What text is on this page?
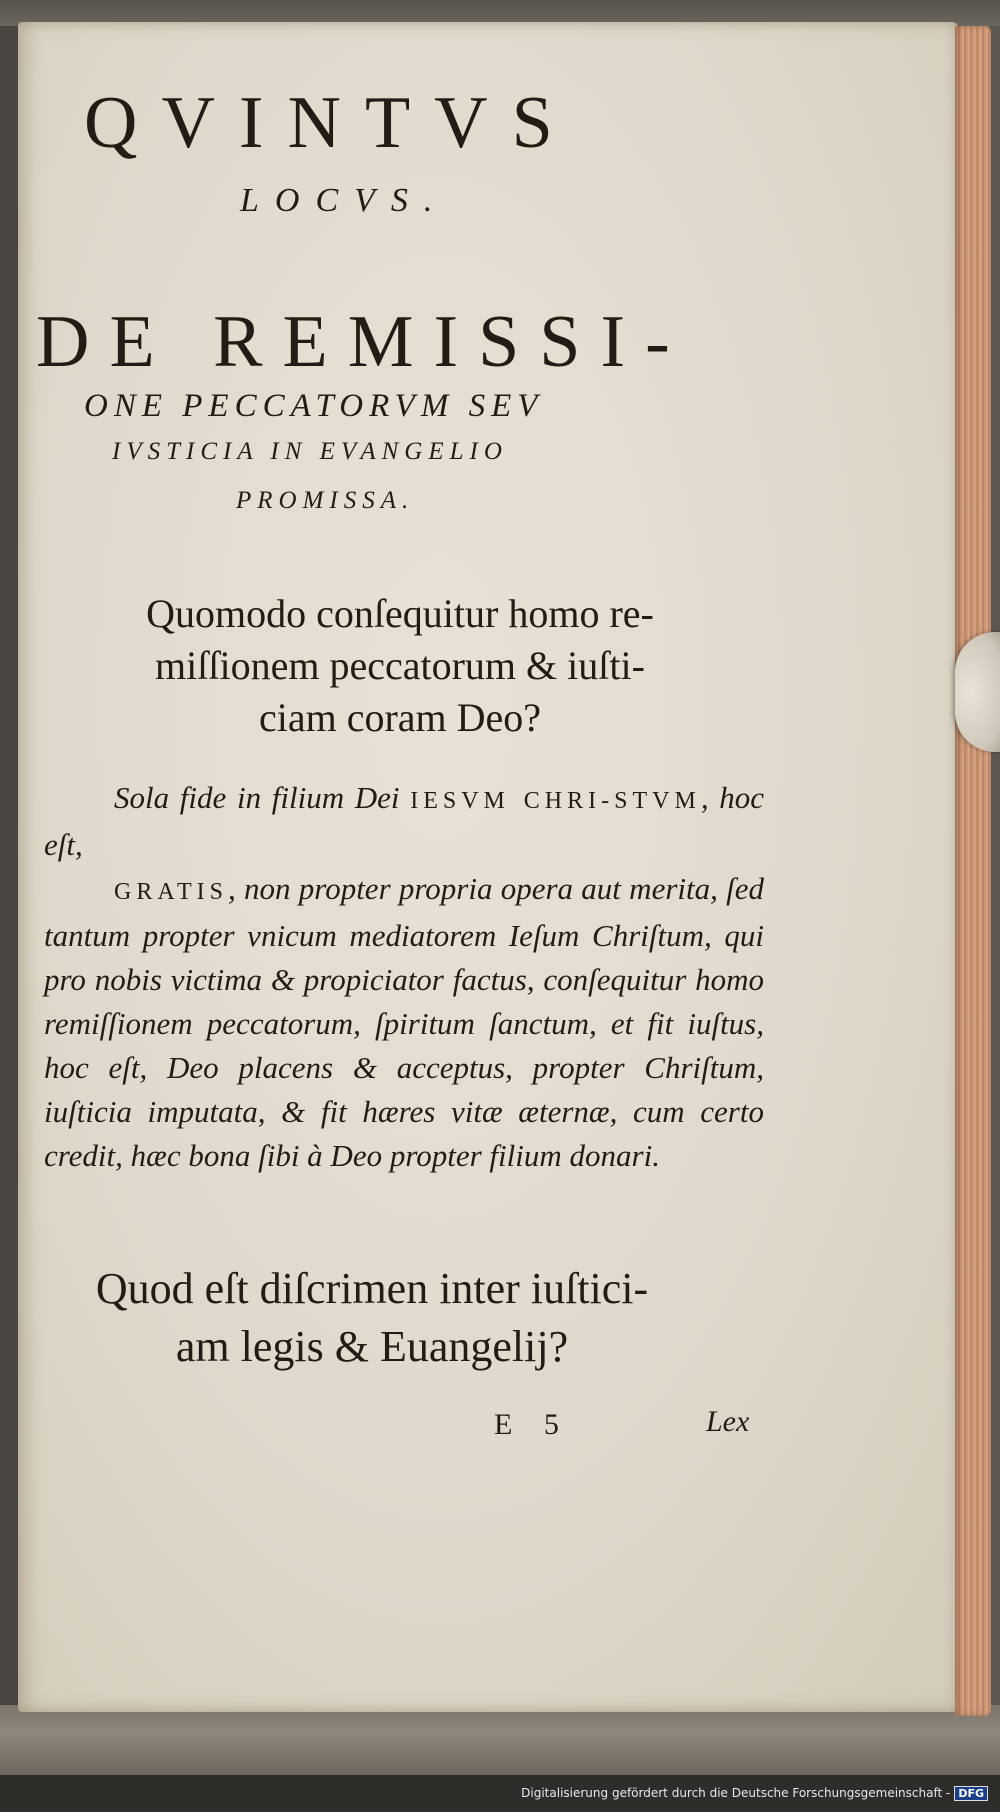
QVINTVS
LOCVS.
DE REMISSI-
ONE PECCATORVM SEV
IVSTICIA IN EVANGELIO
PROMISSA.
Quomodo conſequitur homo re-
miſſionem peccatorum & iuſti-
ciam coram Deo?

Sola fide in filium Dei IESVM CHRI-STVM, hoc eſt,

GRATIS, non propter propria opera aut merita, ſed tantum propter vnicum mediatorem Ieſum Chriſtum, qui pro nobis victima & propiciator factus, conſequitur homo remiſſionem peccatorum, ſpiritum ſanctum, et fit iuſtus, hoc eſt, Deo placens & acceptus, propter Chriſtum, iuſticia imputata, & fit hæres vitæ æternæ, cum certo credit, hæc bona ſibi à Deo propter filium donari.

Quod eſt diſcrimen inter iuſtici-
am legis & Euangelij?
E 5	Lex
Digitalisierung gefördert durch die Deutsche Forschungsgemeinschaft - DFG
